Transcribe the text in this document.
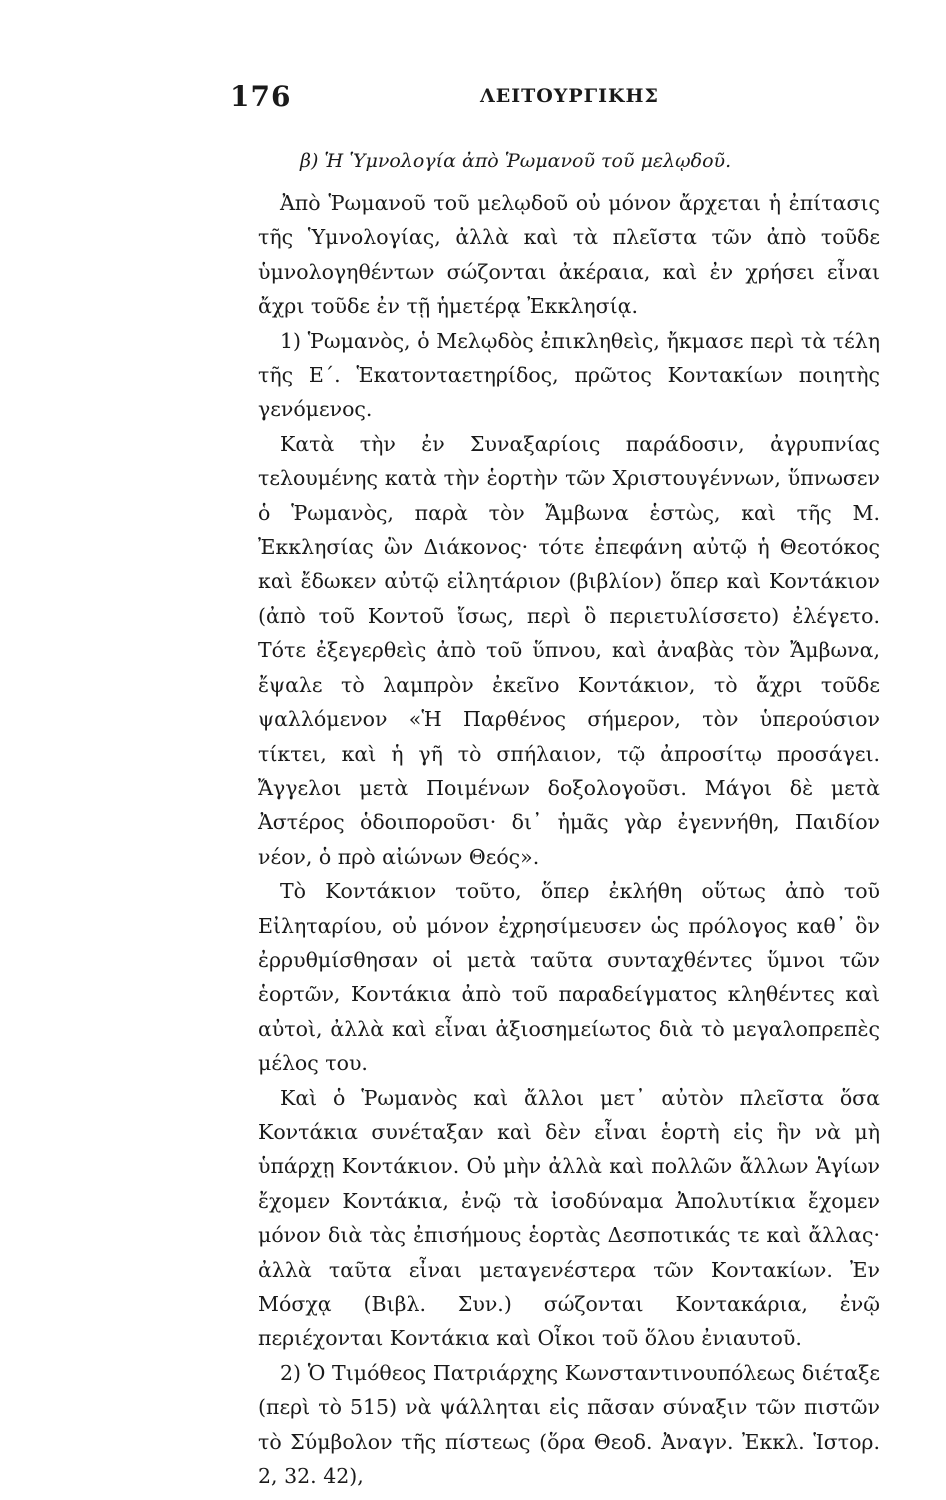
176	ΛΕΙΤΟΥΡΓΙΚΗΣ
β) Ἡ Ὑμνολογία ἀπὸ Ῥωμανοῦ τοῦ μελῳδοῦ.

Ἀπὸ Ῥωμανοῦ τοῦ μελῳδοῦ οὐ μόνον ἄρχεται ἡ ἐπίτασις τῆς Ὑμνολογίας, ἀλλὰ καὶ τὰ πλεῖστα τῶν ἀπὸ τοῦδε ὑμνολογηθέντων σώζονται ἀκέραια, καὶ ἐν χρήσει εἶναι ἄχρι τοῦδε ἐν τῇ ἡμετέρᾳ Ἐκκλησίᾳ.

1) Ῥωμανὸς, ὁ Μελῳδὸς ἐπικληθεὶς, ἤκμασε περὶ τὰ τέλη τῆς Ε΄. Ἑκατονταετηρίδος, πρῶτος Κοντακίων ποιητὴς γενόμενος.

Κατὰ τὴν ἐν Συναξαρίοις παράδοσιν, ἀγρυπνίας τελουμένης κατὰ τὴν ἑορτὴν τῶν Χριστουγέννων, ὕπνωσεν ὁ Ῥωμανὸς, παρὰ τὸν Ἄμβωνα ἑστὼς, καὶ τῆς Μ. Ἐκκλησίας ὢν Διάκονος· τότε ἐπεφάνη αὐτῷ ἡ Θεοτόκος καὶ ἔδωκεν αὐτῷ εἰλητάριον (βιβλίον) ὅπερ καὶ Κοντάκιον (ἀπὸ τοῦ Κοντοῦ ἴσως, περὶ ὃ περιετυλίσσετο) ἐλέγετο. Τότε ἐξεγερθεὶς ἀπὸ τοῦ ὕπνου, καὶ ἀναβὰς τὸν Ἄμβωνα, ἔψαλε τὸ λαμπρὸν ἐκεῖνο Κοντάκιον, τὸ ἄχρι τοῦδε ψαλλόμενον «Ἡ Παρθένος σήμερον, τὸν ὑπερούσιον τίκτει, καὶ ἡ γῆ τὸ σπήλαιον, τῷ ἀπροσίτῳ προσάγει. Ἄγγελοι μετὰ Ποιμένων δοξολογοῦσι. Μάγοι δὲ μετὰ Ἀστέρος ὁδοιποροῦσι· δι᾽ ἡμᾶς γὰρ ἐγεννήθη, Παιδίον νέον, ὁ πρὸ αἰώνων Θεός».

Τὸ Κοντάκιον τοῦτο, ὅπερ ἐκλήθη οὕτως ἀπὸ τοῦ Εἰληταρίου, οὐ μόνον ἐχρησίμευσεν ὡς πρόλογος καθ᾽ ὃν ἐρρυθμίσθησαν οἱ μετὰ ταῦτα συνταχθέντες ὕμνοι τῶν ἑορτῶν, Κοντάκια ἀπὸ τοῦ παραδείγματος κληθέντες καὶ αὐτοὶ, ἀλλὰ καὶ εἶναι ἀξιοσημείωτος διὰ τὸ μεγαλοπρεπὲς μέλος του.

Καὶ ὁ Ῥωμανὸς καὶ ἄλλοι μετ᾽ αὐτὸν πλεῖστα ὅσα Κοντάκια συνέταξαν καὶ δὲν εἶναι ἑορτὴ εἰς ἣν νὰ μὴ ὑπάρχῃ Κοντάκιον. Οὐ μὴν ἀλλὰ καὶ πολλῶν ἄλλων Ἁγίων ἔχομεν Κοντάκια, ἐνῷ τὰ ἰσοδύναμα Ἀπολυτίκια ἔχομεν μόνον διὰ τὰς ἐπισήμους ἑορτὰς Δεσποτικάς τε καὶ ἄλλας· ἀλλὰ ταῦτα εἶναι μεταγενέστερα τῶν Κοντακίων. Ἐν Μόσχᾳ (Βιβλ. Συν.) σώζονται Κοντακάρια, ἐνῷ περιέχονται Κοντάκια καὶ Οἶκοι τοῦ ὅλου ἐνιαυτοῦ.

2) Ὁ Τιμόθεος Πατριάρχης Κωνσταντινουπόλεως διέταξε (περὶ τὸ 515) νὰ ψάλληται εἰς πᾶσαν σύναξιν τῶν πιστῶν τὸ Σύμβολον τῆς πίστεως (ὅρα Θεοδ. Ἀναγν. Ἐκκλ. Ἱστορ. 2, 32. 42),
